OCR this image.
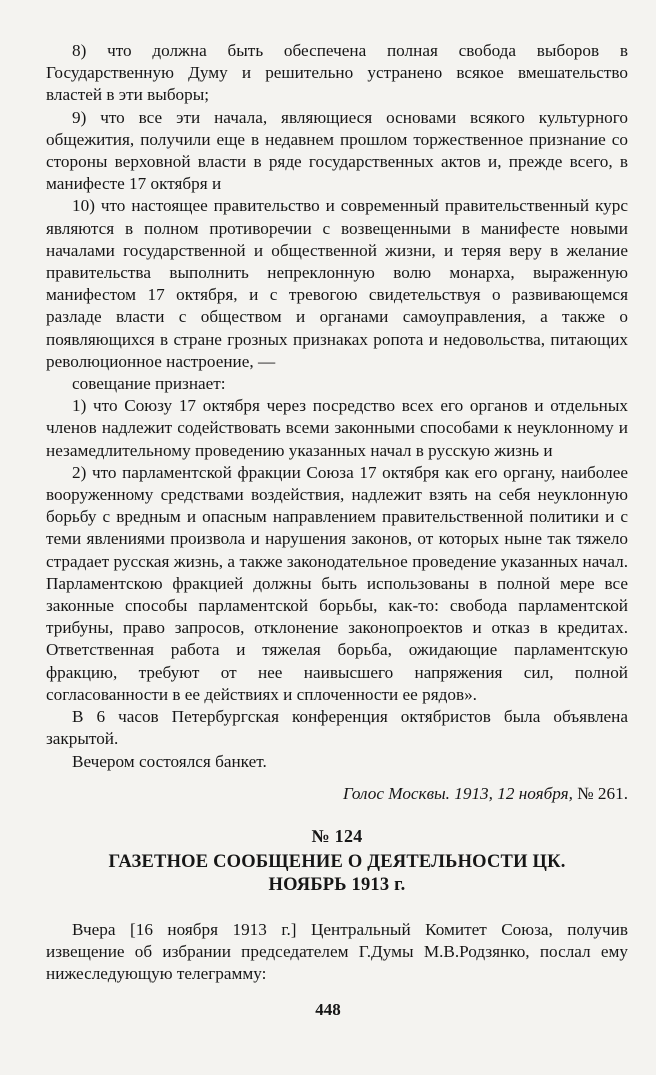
8) что должна быть обеспечена полная свобода выборов в Государственную Думу и решительно устранено всякое вмешательство властей в эти выборы;

9) что все эти начала, являющиеся основами всякого культурного общежития, получили еще в недавнем прошлом торжественное признание со стороны верховной власти в ряде государственных актов и, прежде всего, в манифесте 17 октября и

10) что настоящее правительство и современный правительственный курс являются в полном противоречии с возвещенными в манифесте новыми началами государственной и общественной жизни, и теряя веру в желание правительства выполнить непреклонную волю монарха, выраженную манифестом 17 октября, и с тревогою свидетельствуя о развивающемся разладе власти с обществом и органами самоуправления, а также о появляющихся в стране грозных признаках ропота и недовольства, питающих революционное настроение, —

совещание признает:

1) что Союзу 17 октября через посредство всех его органов и отдельных членов надлежит содействовать всеми законными способами к неуклонному и незамедлительному проведению указанных начал в русскую жизнь и

2) что парламентской фракции Союза 17 октября как его органу, наиболее вооруженному средствами воздействия, надлежит взять на себя неуклонную борьбу с вредным и опасным направлением правительственной политики и с теми явлениями произвола и нарушения законов, от которых ныне так тяжело страдает русская жизнь, а также законодательное проведение указанных начал. Парламентскою фракцией должны быть использованы в полной мере все законные способы парламентской борьбы, как-то: свобода парламентской трибуны, право запросов, отклонение законопроектов и отказ в кредитах. Ответственная работа и тяжелая борьба, ожидающие парламентскую фракцию, требуют от нее наивысшего напряжения сил, полной согласованности в ее действиях и сплоченности ее рядов».

В 6 часов Петербургская конференция октябристов была объявлена закрытой.

Вечером состоялся банкет.

Голос Москвы. 1913, 12 ноября, № 261.

№ 124
ГАЗЕТНОЕ СООБЩЕНИЕ О ДЕЯТЕЛЬНОСТИ ЦК.
НОЯБРЬ 1913 г.

Вчера [16 ноября 1913 г.] Центральный Комитет Союза, получив извещение об избрании председателем Г.Думы М.В.Родзянко, послал ему нижеследующую телеграмму:

448
